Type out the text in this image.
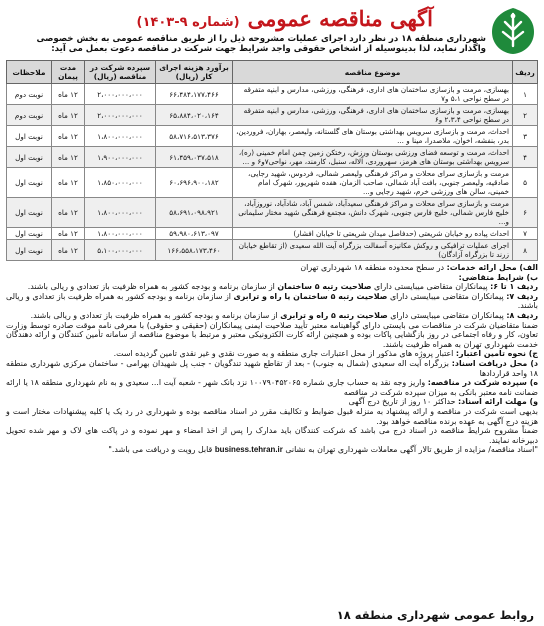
آگهی مناقصه عمومی
(شماره ۹-۱۴۰۳)
شهرداری منطقه ۱۸ در نظر دارد اجرای عملیات مشروحه ذیل را از طریق مناقصه عمومی به بخش خصوصی واگذار نماید، لذا بدینوسیله از اشخاص حقوقی واجد شرایط جهت شرکت در مناقصه دعوت بعمل می آید:
ردیف	موضوع مناقصه	برآورد هزینه اجرای کار (ریال)	سپرده شرکت در مناقصه (ریال)	مدت پیمان	ملاحظات
۱	بهسازی، مرمت و بازسازی ساختمان های اداری، فرهنگی، ورزشی، مدارس و ابنیه متفرقه در سطح نواحی ۵،۱ و۷	۶۶،۴۸۴،۱۷۷،۴۶۶	۲،۰۰۰،۰۰۰،۰۰۰	۱۲ ماه	نوبت دوم
۲	بهسازی، مرمت و بازسازی ساختمان های اداری، فرهنگی، ورزشی، مدارس و ابنیه متفرقه در سطح نواحی ۲،۳،۴ و۶	۶۵،۸۸۴،۰۲۰،۱۶۴	۲،۰۰۰،۰۰۰،۰۰۰	۱۲ ماه	نوبت دوم
۳	احداث، مرمت و بازسازی سرویس بهداشتی بوستان های گلستانه، ولیعصر، بهاران، فروردین، بدر، بنفشه، اخوان، ملاصدرا، مینا و ...	۵۸،۷۱۶،۵۱۳،۳۷۶	۱،۸۰۰،۰۰۰،۰۰۰	۱۲ ماه	نوبت اول
۴	احداث، مرمت و توسعه فضای ورزشی بوستان ورزش، رختکن زمین چمن امام خمینی (ره)، سرویس بهداشتی بوستان های هرمز، سهروردی، آلاله، سنبل، کارمند، مهر، نواحی۷و۶ و ...	۶۱،۴۵۹،۰۳۷،۵۱۸	۱،۹۰۰،۰۰۰،۰۰۰	۱۲ ماه	نوبت اول
۵	مرمت و بازسازی سرای محلات و مراکز فرهنگی ولیعصر شمالی، فردوس، شهید رجایی، صادقیه، ولیعصر جنوبی، بافت آباد شمالی، صاحب الزمان، هفده شهریور، شهرک امام خمینی، سالن های ورزشی خرم، شهید رجایی و...	۶۰،۶۹۶،۹۰۰،۱۸۲	۱،۸۵۰،۰۰۰،۰۰۰	۱۲ ماه	نوبت اول
۶	مرمت و بازسازی سرای محلات و مراکز فرهنگی سعیدآباد، شمس آباد، شادآباد، نوروزآباد، خلیج فارس شمالی، خلیج فارس جنوبی، شهرک دانش، مجتمع فرهنگی شهید مختار سلیمانی و...	۵۸،۶۹۱،۰۹۸،۹۲۱	۱،۸۰۰،۰۰۰،۰۰۰	۱۲ ماه	نوبت اول
۷	احداث پیاده رو خیابان شریعتی (حدفاصل میدان شریعتی تا خیابان افشار)	۵۹،۹۸۰،۶۱۳،۰۹۷	۱،۸۰۰،۰۰۰،۰۰۰	۱۲ ماه	نوبت اول
۸	اجرای عملیات ترافیکی و روکش مکانیزه آسفالت بزرگراه آیت الله سعیدی (از تقاطع خیابان زرند تا بزرگراه آزادگان)	۱۶۶،۵۵۸،۱۷۳،۴۶۰	۵،۱۰۰،۰۰۰،۰۰۰	۱۲ ماه	نوبت اول

الف) محل ارائه خدمات: در سطح محدوده منطقه ۱۸ شهرداری تهران

ب) شرایط متقاضی:

ردیف ۱ تا ۶: پیمانکاران متقاضی میبایستی دارای صلاحیت رتبه ۵ ساختمان از سازمان برنامه و بودجه کشور به همراه ظرفیت باز تعدادی و ریالی باشند.

ردیف ۷: پیمانکاران متقاضی میبایستی دارای صلاحیت رتبه ۵ ساختمان یا راه و ترابری از سازمان برنامه و بودجه کشور به همراه ظرفیت باز تعدادی و ریالی باشند.

ردیف ۸: پیمانکاران متقاضی میبایستی دارای صلاحیت رتبه ۵ راه و ترابری از سازمان برنامه و بودجه کشور به همراه ظرفیت باز تعدادی و ریالی باشند.

ضمنا متقاضیان شرکت در مناقصات می بایستی دارای گواهینامه معتبر تأیید صلاحیت ایمنی پیمانکاران (حقیقی و حقوقی) با معرفی نامه موقت صادره توسط وزارت تعاون، کار و رفاه اجتماعی در روز بازگشایی پاکات بوده و همچنین ارائه کارت الکترونیکی معتبر و مرتبط با موضوع مناقصه از سامانه تأمین کنندگان و ارائه دهندگان خدمت شهرداری تهران به همراه ظرفیت باشند.

ج) نحوه تامین اعتبار: اعتبار پروژه های مذکور از محل اعتبارات جاری منطقه و به صورت نقدی و غیر نقدی تامین گردیده است.

د) محل دریافت اسناد: بزرگراه آیت اله سعیدی (شمال به جنوب) - بعد از تقاطع شهید تندگویان - جنب پل شهیدان بهرامی - ساختمان مرکزی شهرداری منطقه ۱۸ واحد قراردادها

ه) سپرده شرکت در مناقصه: واریز وجه نقد به حساب جاری شماره ۱۰۰۷۹۰۴۵۲۰۶۵ نزد بانک شهر - شعبه آیت ا... سعیدی و به نام شهرداری منطقه ۱۸ یا ارائه ضمانت نامه معتبر بانکی به میزان سپرده شرکت در مناقصه

و) مهلت ارائه اسناد: حداکثر ۱۰ روز از تاریخ درج آگهی

بدیهی است شرکت در مناقصه و ارائه پیشنهاد به منزله قبول ضوابط و تکالیف مقرر در اسناد مناقصه بوده و شهرداری در رد یک یا کلیه پیشنهادات مختار است و هزینه درج آگهی به عهده برنده مناقصه خواهد بود.

ضمناً مشروح شرایط مناقصه در اسناد درج می باشد که شرکت کنندگان باید مدارک را پس از اخذ امضاء و مهر نموده و در پاکت های لاک و مهر شده تحویل دبیرخانه نمایند.

"اسناد مناقصه/ مزایده از طریق تالار آگهی معاملات شهرداری تهران به نشانی business.tehran.ir قابل رویت و دریافت می باشد."

روابط عمومی شهرداری منطقه ۱۸
